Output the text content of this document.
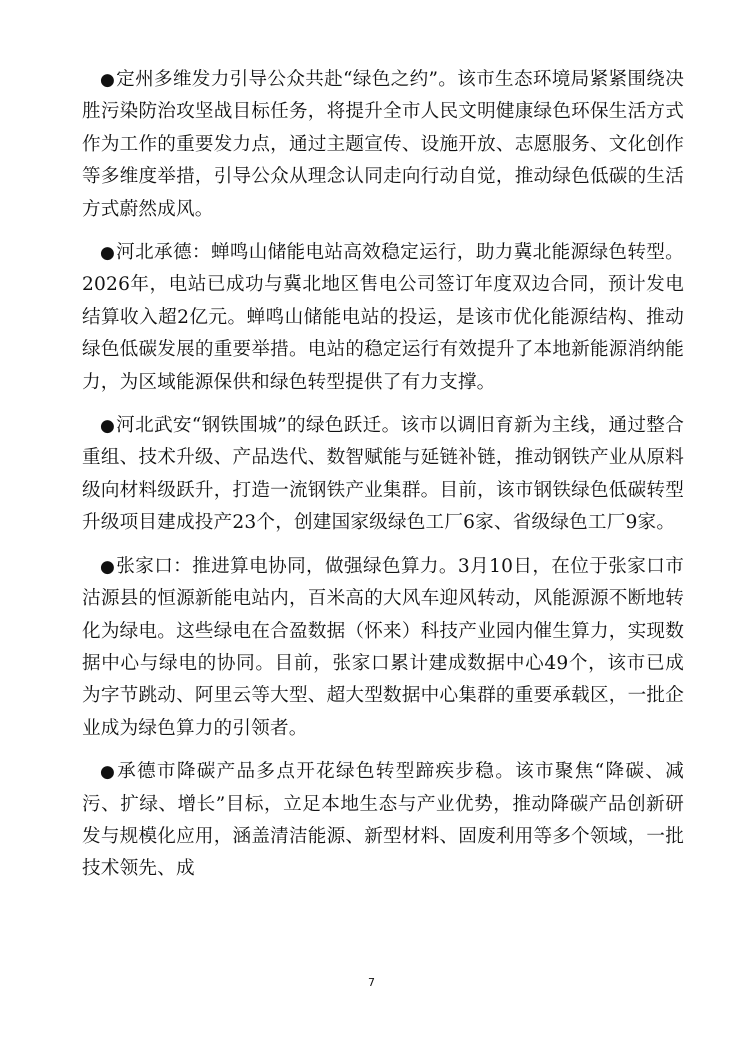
●定州多维发力引导公众共赴“绿色之约”。该市生态环境局紧紧围绕决胜污染防治攻坚战目标任务，将提升全市人民文明健康绿色环保生活方式作为工作的重要发力点，通过主题宣传、设施开放、志愿服务、文化创作等多维度举措，引导公众从理念认同走向行动自觉，推动绿色低碳的生活方式蔚然成风。

●河北承德：蝉鸣山储能电站高效稳定运行，助力冀北能源绿色转型。2026年，电站已成功与冀北地区售电公司签订年度双边合同，预计发电结算收入超2亿元。蝉鸣山储能电站的投运，是该市优化能源结构、推动绿色低碳发展的重要举措。电站的稳定运行有效提升了本地新能源消纳能力，为区域能源保供和绿色转型提供了有力支撑。

●河北武安“钢铁围城”的绿色跃迁。该市以调旧育新为主线，通过整合重组、技术升级、产品迭代、数智赋能与延链补链，推动钢铁产业从原料级向材料级跃升，打造一流钢铁产业集群。目前，该市钢铁绿色低碳转型升级项目建成投产23个，创建国家级绿色工厂6家、省级绿色工厂9家。

●张家口：推进算电协同，做强绿色算力。3月10日，在位于张家口市沽源县的恒源新能电站内，百米高的大风车迎风转动，风能源源不断地转化为绿电。这些绿电在合盈数据（怀来）科技产业园内催生算力，实现数据中心与绿电的协同。目前，张家口累计建成数据中心49个，该市已成为字节跳动、阿里云等大型、超大型数据中心集群的重要承载区，一批企业成为绿色算力的引领者。

●承德市降碳产品多点开花绿色转型蹄疾步稳。该市聚焦“降碳、减污、扩绿、增长”目标，立足本地生态与产业优势，推动降碳产品创新研发与规模化应用，涵盖清洁能源、新型材料、固废利用等多个领域，一批技术领先、成

7
